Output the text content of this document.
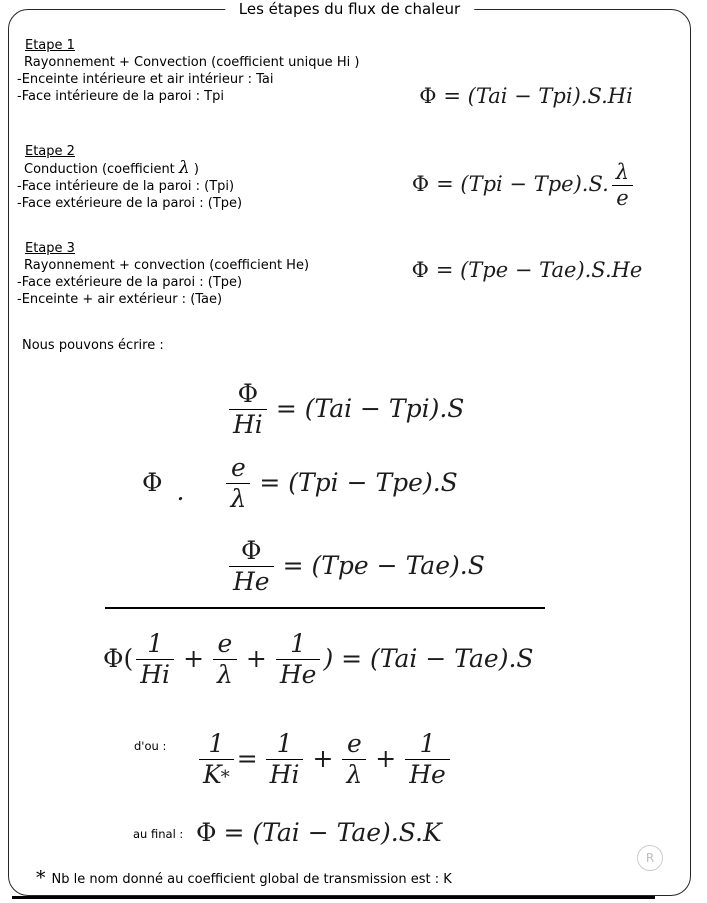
Les étapes du flux de chaleur
Etape 1
Rayonnement + Convection (coefficient unique Hi )
-Enceinte intérieure et air intérieur : Tai
-Face intérieure de la paroi : Tpi	Φ = (Tai − Tpi).S.Hi
Etape 2
Conduction (coefficient λ )
-Face intérieure de la paroi : (Tpi)
-Face extérieure de la paroi : (Tpe)
Φ = (Tpi − Tpe).S.
λ
e
Etape 3
Rayonnement + convection (coefficient He)
-Face extérieure de la paroi : (Tpe)
-Enceinte + air extérieur : (Tae)
Φ = (Tpe − Tae).S.He
Nous pouvons écrire :
Φ
Hi
= (Tai − Tpi).S
Φ .
e
λ
= (Tpi − Tpe).S
Φ
He
= (Tpe − Tae).S
Φ(
1
Hi
+
e
λ
+
1
He
) = (Tai − Tae).S
d'ou : 1
K*
=
1
Hi
+
e
λ
+
1
He
au final : Φ = (Tai − Tae).S.K
* Nb le nom donné au coefficient global de transmission est : K
R
